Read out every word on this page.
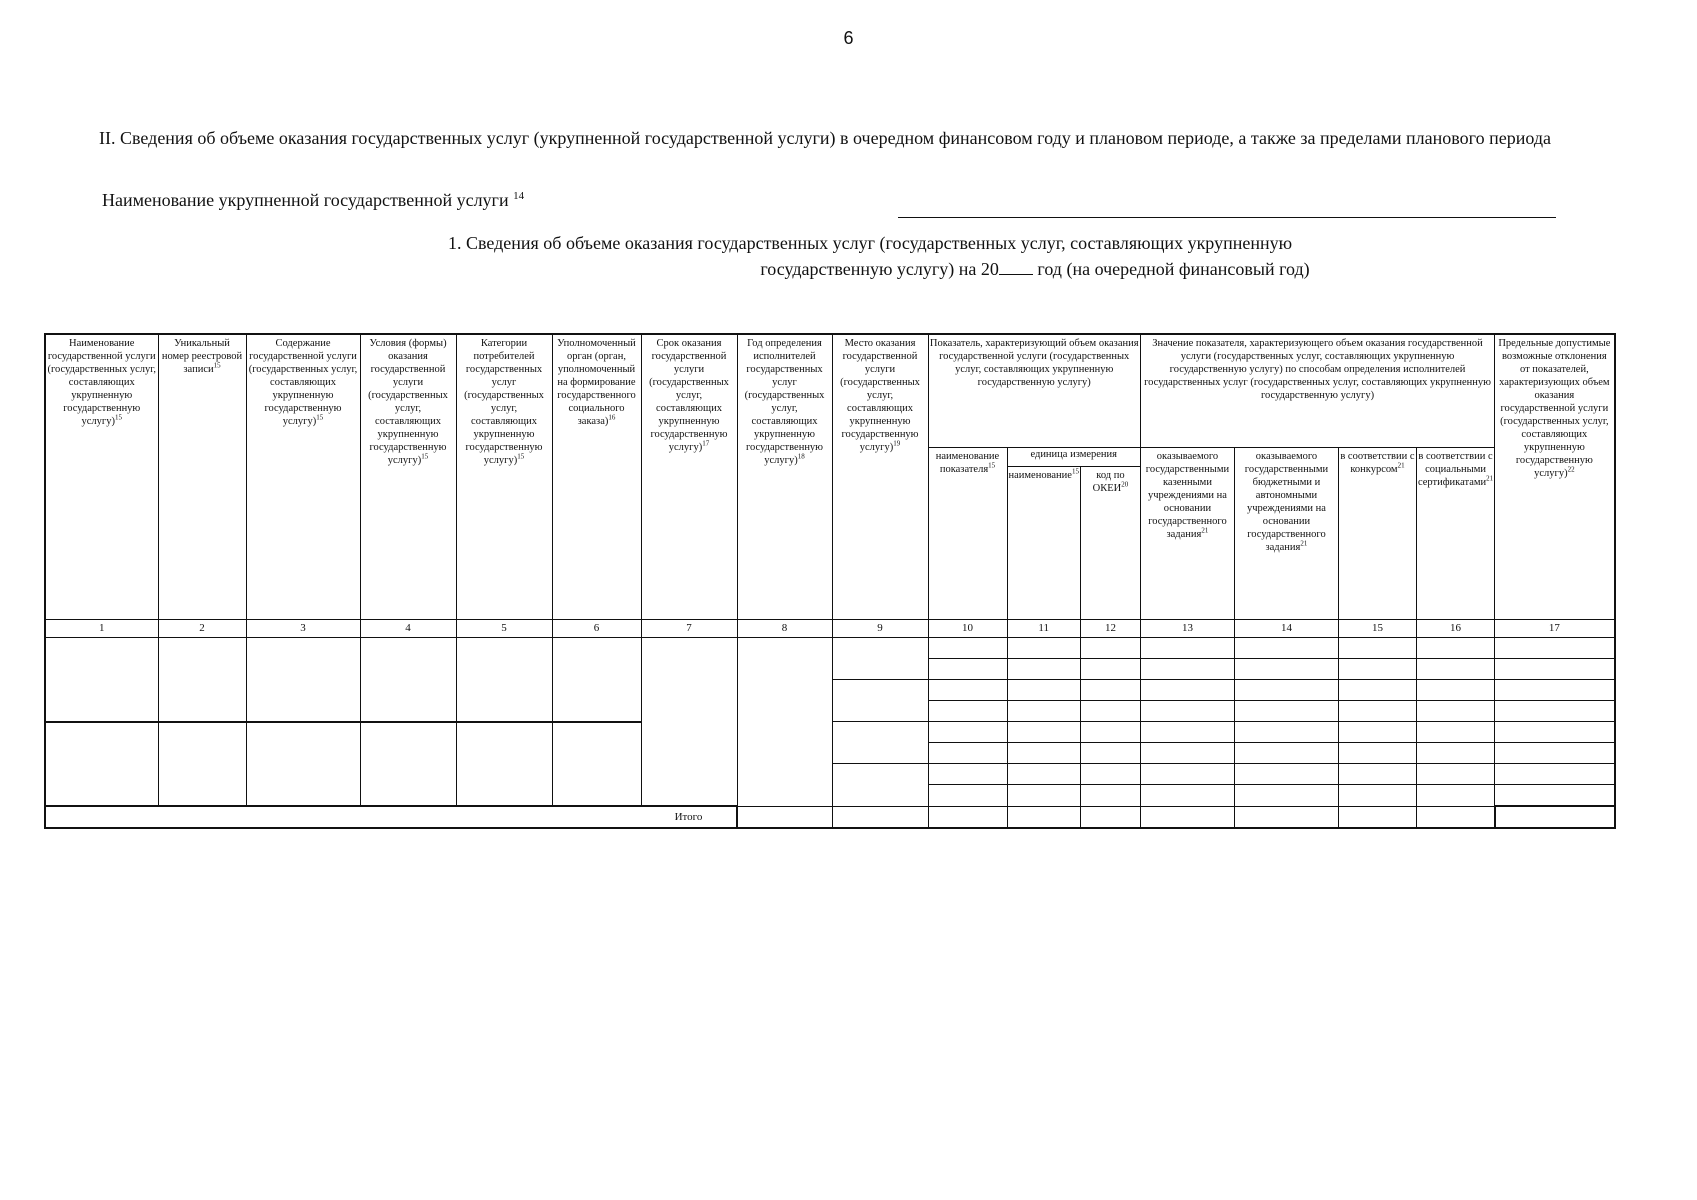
6
II. Сведения об объеме оказания государственных услуг (укрупненной государственной услуги) в очередном финансовом году и плановом периоде, а также за пределами планового периода
Наименование укрупненной государственной услуги $^{14}$
1. Сведения об объеме оказания государственных услуг (государственных услуг, составляющих укрупненную
государственную услугу) на 20 год (на очередной финансовый год)
Наименование государственной услуги (государственных услуг, составляющих укрупненную государственную услугу)$^{15}$	Уникальный номер реестровой записи$^{15}$	Содержание государственной услуги (государственных услуг, составляющих укрупненную государственную услугу)$^{15}$	Условия (формы) оказания государственной услуги (государственных услуг, составляющих укрупненную государственную услугу)$^{15}$	Категории потребителей государственных услуг (государственных услуг, составляющих укрупненную государственную услугу)$^{15}$	Уполномоченный орган (орган, уполномоченный на формирование государственного социального заказа)$^{16}$	Срок оказания государственной услуги (государственных услуг, составляющих укрупненную государственную услугу)$^{17}$	Год определения исполнителей государственных услуг (государственных услуг, составляющих укрупненную государственную услугу)$^{18}$	Место оказания государственной услуги (государственных услуг, составляющих укрупненную государственную услугу)$^{19}$	Показатель, характеризующий объем оказания государственной услуги (государственных услуг, составляющих укрупненную государственную услугу)			Значение показателя, характеризующего объем оказания государственной услуги (государственных услуг, составляющих укрупненную государственную услугу) по способам определения исполнителей государственных услуг (государственных услуг, составляющих укрупненную государственную услугу)				Предельные допустимые возможные отклонения от показателей, характеризующих объем оказания государственной услуги (государственных услуг, составляющих укрупненную государственную услугу)$^{22}$
									наименование показателя$^{15}$	единица измерения		оказываемого государственными казенными учреждениями на основании государственного задания$^{21}$	оказываемого государственными бюджетными и автономными учреждениями на основании государственного задания$^{21}$	в соответствии с конкурсом$^{21}$	в соответствии с социальными сертификатами$^{21}$
										наименование$^{15}$	код по ОКЕИ$^{20}$
1	2	3	4	5	6	7	8	9	10	11	12	13	14	15	16	17

						Итого										
